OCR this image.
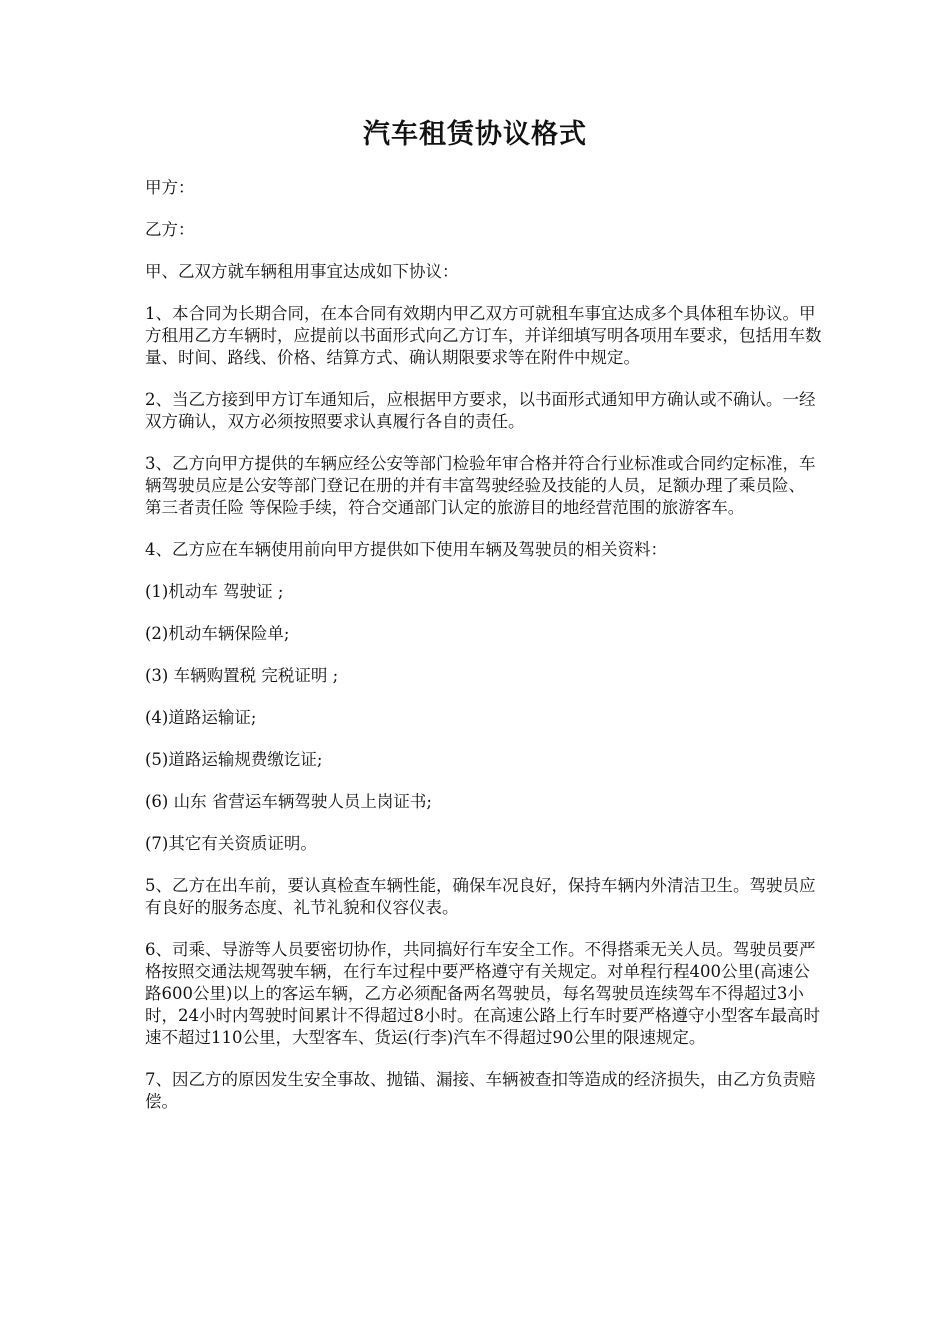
汽车租赁协议格式

甲方：

乙方：

甲、乙双方就车辆租用事宜达成如下协议：

1、本合同为长期合同，在本合同有效期内甲乙双方可就租车事宜达成多个具体租车协议。甲方租用乙方车辆时，应提前以书面形式向乙方订车，并详细填写明各项用车要求，包括用车数量、时间、路线、价格、结算方式、确认期限要求等在附件中规定。

2、当乙方接到甲方订车通知后，应根据甲方要求，以书面形式通知甲方确认或不确认。一经双方确认，双方必须按照要求认真履行各自的责任。

3、乙方向甲方提供的车辆应经公安等部门检验年审合格并符合行业标准或合同约定标准，车辆驾驶员应是公安等部门登记在册的并有丰富驾驶经验及技能的人员，足额办理了乘员险、 第三者责任险 等保险手续，符合交通部门认定的旅游目的地经营范围的旅游客车。

4、乙方应在车辆使用前向甲方提供如下使用车辆及驾驶员的相关资料：

(1)机动车 驾驶证 ;

(2)机动车辆保险单;

(3) 车辆购置税 完税证明 ;

(4)道路运输证;

(5)道路运输规费缴讫证;

(6) 山东 省营运车辆驾驶人员上岗证书;

(7)其它有关资质证明。

5、乙方在出车前，要认真检查车辆性能，确保车况良好，保持车辆内外清洁卫生。驾驶员应有良好的服务态度、礼节礼貌和仪容仪表。

6、司乘、导游等人员要密切协作，共同搞好行车安全工作。不得搭乘无关人员。驾驶员要严格按照交通法规驾驶车辆，在行车过程中要严格遵守有关规定。对单程行程400公里(高速公路600公里)以上的客运车辆，乙方必须配备两名驾驶员，每名驾驶员连续驾车不得超过3小时，24小时内驾驶时间累计不得超过8小时。在高速公路上行车时要严格遵守小型客车最高时速不超过110公里，大型客车、货运(行李)汽车不得超过90公里的限速规定。

7、因乙方的原因发生安全事故、抛锚、漏接、车辆被查扣等造成的经济损失，由乙方负责赔偿。
